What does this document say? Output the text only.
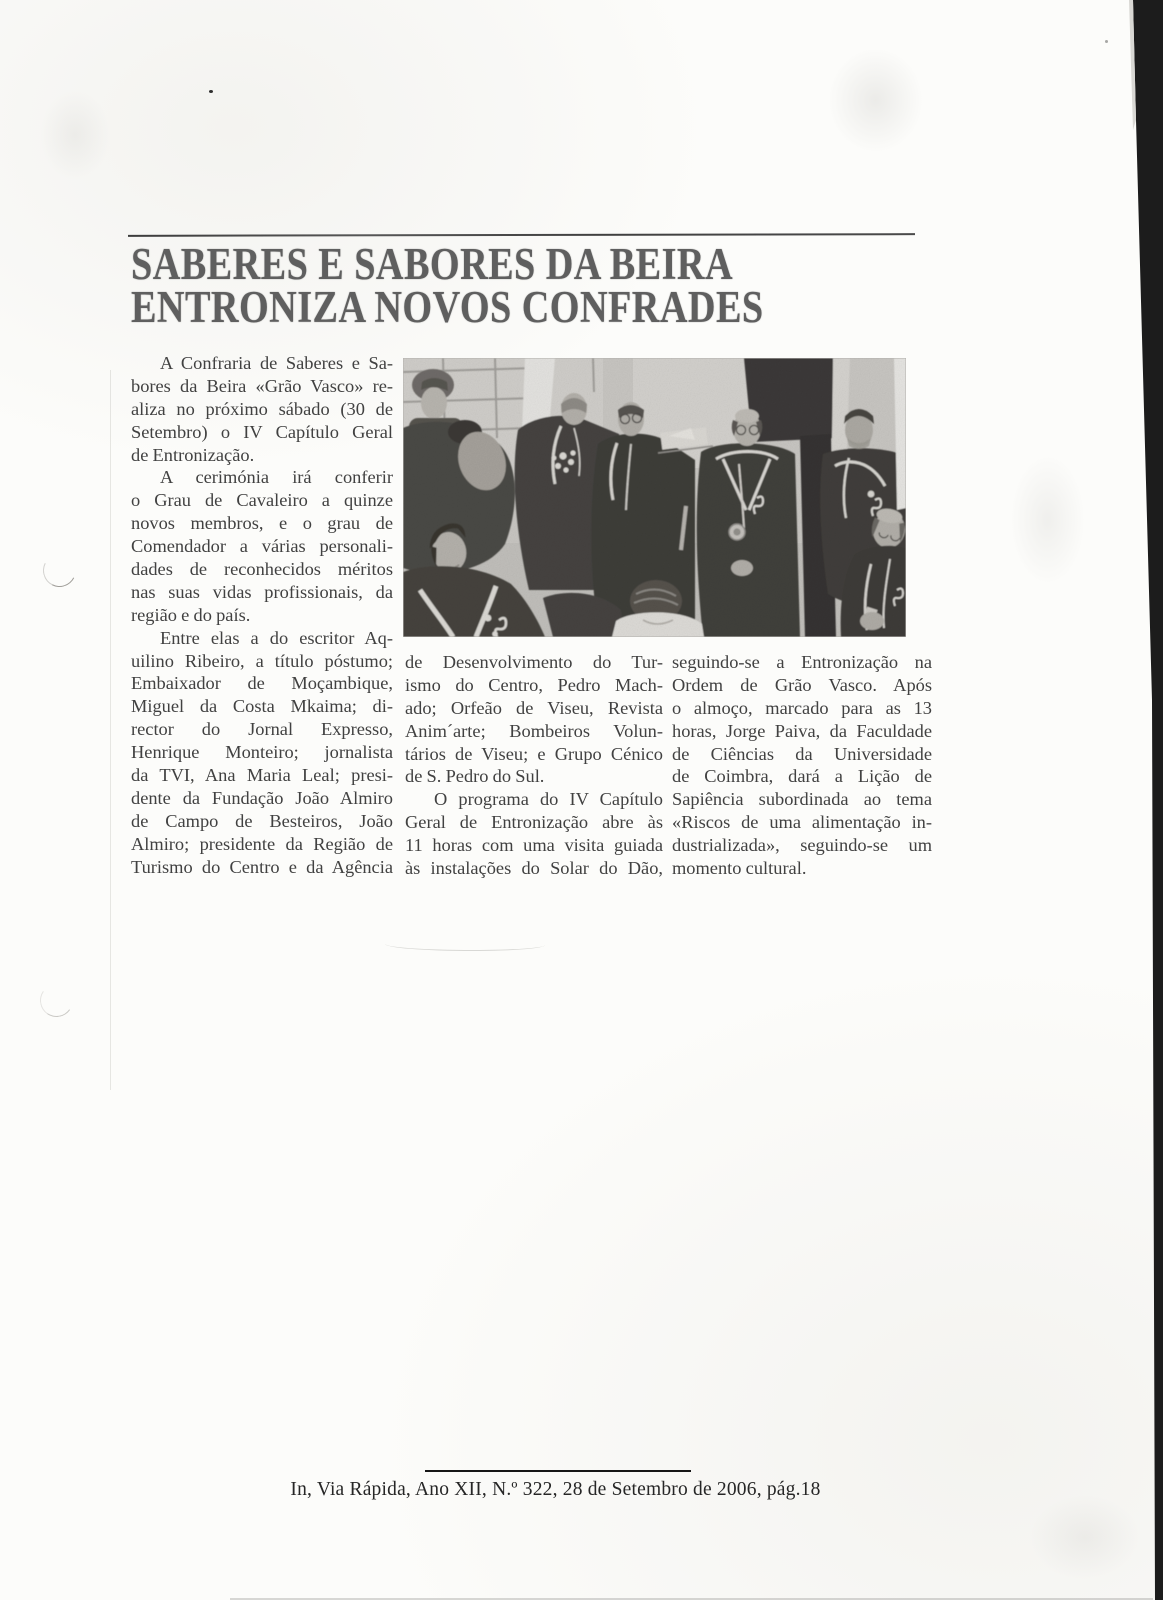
SABERES E SABORES DA BEIRA
ENTRONIZA NOVOS CONFRADES
A Confraria de Saberes e Sa-
bores da Beira «Grão Vasco» re-
aliza no próximo sábado (30 de
Setembro) o IV Capítulo Geral
de Entronização.
A cerimónia irá conferir
o Grau de Cavaleiro a quinze
novos membros, e o grau de
Comendador a várias personali-
dades de reconhecidos méritos
nas suas vidas profissionais, da
região e do país.
Entre elas a do escritor Aq-
uilino Ribeiro, a título póstumo;
Embaixador de Moçambique,
Miguel da Costa Mkaima; di-
rector do Jornal Expresso,
Henrique Monteiro; jornalista
da TVI, Ana Maria Leal; presi-
dente da Fundação João Almiro
de Campo de Besteiros, João
Almiro; presidente da Região de
Turismo do Centro e da Agência
de Desenvolvimento do Tur-
ismo do Centro, Pedro Mach-
ado; Orfeão de Viseu, Revista
Anim´arte; Bombeiros Volun-
tários de Viseu; e Grupo Cénico
de S. Pedro do Sul.
O programa do IV Capítulo
Geral de Entronização abre às
11 horas com uma visita guiada
às instalações do Solar do Dão,
seguindo-se a Entronização na
Ordem de Grão Vasco. Após
o almoço, marcado para as 13
horas, Jorge Paiva, da Faculdade
de Ciências da Universidade
de Coimbra, dará a Lição de
Sapiência subordinada ao tema
«Riscos de uma alimentação in-
dustrializada», seguindo-se um
momento cultural.
In, Via Rápida, Ano XII, N.º 322, 28 de Setembro de 2006, pág.18
